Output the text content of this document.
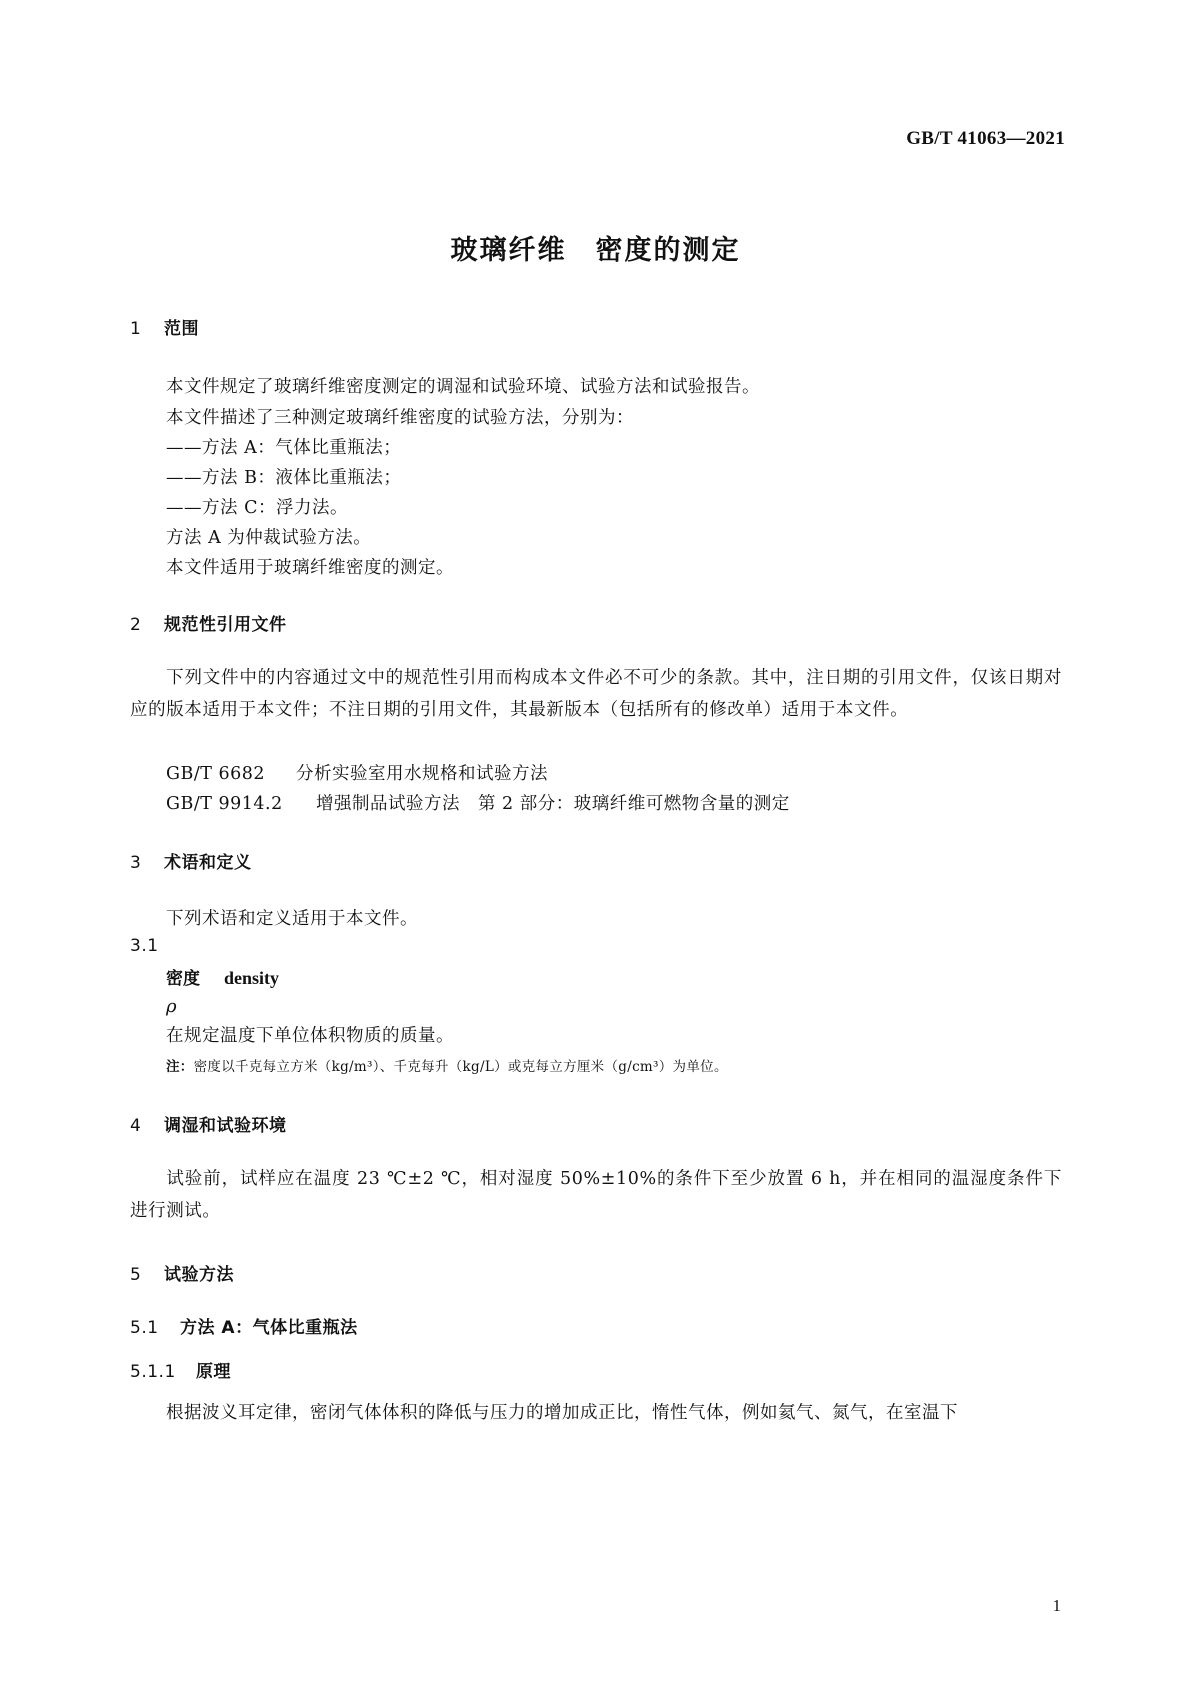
GB/T 41063—2021
玻璃纤维　密度的测定
1 范围
本文件规定了玻璃纤维密度测定的调湿和试验环境、试验方法和试验报告。
本文件描述了三种测定玻璃纤维密度的试验方法，分别为：
——方法 A：气体比重瓶法；
——方法 B：液体比重瓶法；
——方法 C：浮力法。
方法 A 为仲裁试验方法。
本文件适用于玻璃纤维密度的测定。
2 规范性引用文件
下列文件中的内容通过文中的规范性引用而构成本文件必不可少的条款。其中，注日期的引用文件，仅该日期对应的版本适用于本文件；不注日期的引用文件，其最新版本（包括所有的修改单）适用于本文件。
GB/T 6682 分析实验室用水规格和试验方法
GB/T 9914.2 增强制品试验方法　第 2 部分：玻璃纤维可燃物含量的测定
3 术语和定义
下列术语和定义适用于本文件。
3.1
密度 density
ρ
在规定温度下单位体积物质的质量。
注：密度以千克每立方米（kg/m³）、千克每升（kg/L）或克每立方厘米（g/cm³）为单位。
4 调湿和试验环境
试验前，试样应在温度 23 ℃±2 ℃，相对湿度 50%±10%的条件下至少放置 6 h，并在相同的温湿度条件下进行测试。
5 试验方法
5.1 方法 A：气体比重瓶法
5.1.1 原理
根据波义耳定律，密闭气体体积的降低与压力的增加成正比，惰性气体，例如氦气、氮气，在室温下
1
